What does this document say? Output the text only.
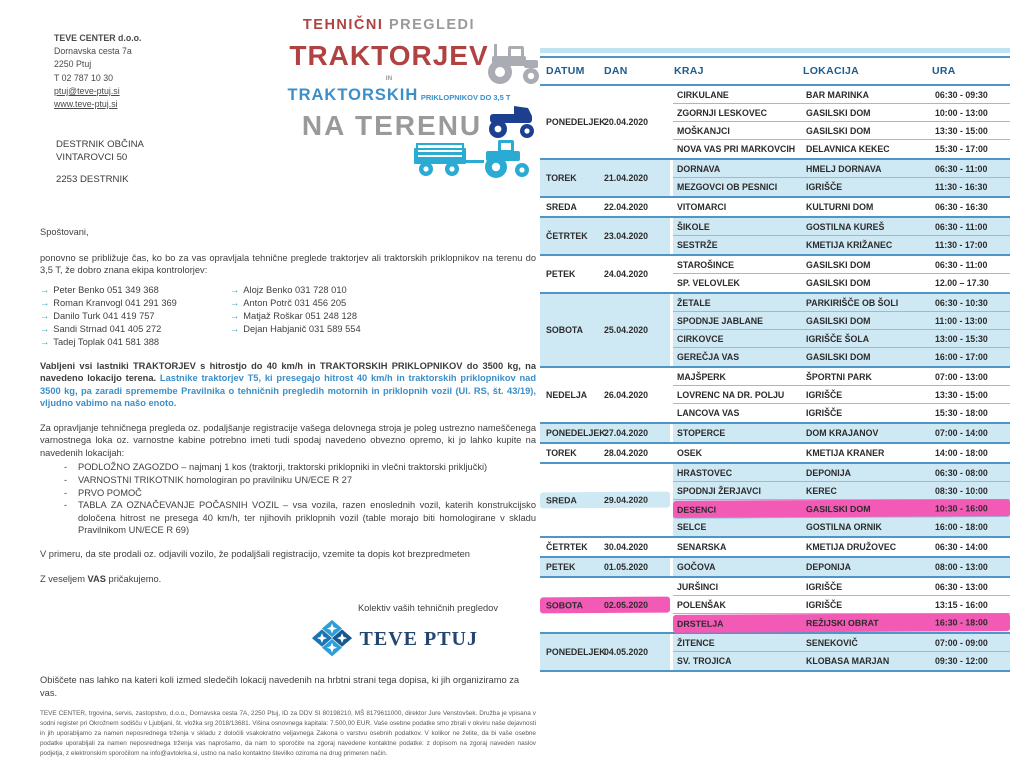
TEVE CENTER d.o.o.
Dornavska cesta 7a
2250 Ptuj
T 02 787 10 30
ptuj@teve-ptuj.si
www.teve-ptuj.si
TEHNIČNI PREGLEDI
TRAKTORJEV
IN
TRAKTORSKIH PRIKLOPNIKOV DO 3,5 T
NA TERENU
DESTRNIK OBČINA
VINTAROVCI 50
2253 DESTRNIK

Spoštovani,

ponovno se približuje čas, ko bo za vas opravljala tehnične preglede traktorjev ali traktorskih priklopnikov na terenu do 3,5 T, že dobro znana ekipa kontrolorjev:

→ Peter Benko 051 349 368
→ Roman Kranvogl 041 291 369
→ Danilo Turk 041 419 757
→ Sandi Strnad 041 405 272
→ Tadej Toplak 041 581 388
→ Alojz Benko 031 728 010
→ Anton Potrč 031 456 205
→ Matjaž Roškar 051 248 128
→ Dejan Habjanič 031 589 554

Vabljeni vsi lastniki TRAKTORJEV s hitrostjo do 40 km/h in TRAKTORSKIH PRIKLOPNIKOV do 3500 kg, na navedeno lokacijo terena. Lastnike traktorjev T5, ki presegajo hitrost 40 km/h in traktorskih priklopnikov nad 3500 kg, pa zaradi spremembe Pravilnika o tehničnih pregledih motornih in priklopnih vozil (Ul. RS, št. 43/19), vljudno vabimo na našo enoto.

Za opravljanje tehničnega pregleda oz. podaljšanje registracije vašega delovnega stroja je poleg ustrezno nameščenega varnostnega loka oz. varnostne kabine potrebno imeti tudi spodaj navedeno obvezno opremo, ki jo lahko kupite na navedenih lokacijah:

- PODLOŽNO ZAGOZDO – najmanj 1 kos (traktorji, traktorski priklopniki in vlečni traktorski priključki)
- VARNOSTNI TRIKOTNIK homologiran po pravilniku UN/ECE R 27
- PRVO POMOČ
- TABLA ZA OZNAČEVANJE POČASNIH VOZIL – vsa vozila, razen enoslednih vozil, katerih konstrukcijsko določena hitrost ne presega 40 km/h, ter njihovih priklopnih vozil (table morajo biti homologirane v skladu Pravilnikom UN/ECE R 69)

V primeru, da ste prodali oz. odjavili vozilo, že podaljšali registracijo, vzemite ta dopis kot brezpredmeten

Z veseljem VAS pričakujemo.

Kolektiv vaših tehničnih pregledov
TEVE PTUJ

Obiščete nas lahko na kateri koli izmed sledečih lokacij navedenih na hrbtni strani tega dopisa, ki jih organiziramo za vas.

TEVE CENTER, trgovina, servis, zastopstvo, d.o.o., Dornavska cesta 7A, 2250 Ptuj, ID za DDV SI 80198210, MŠ 8179611000, direktor Jure Venstovšek. Družba je vpisana v sodni register pri Okrožnem sodišču v Ljubljani, št. vložka srg 2018/13681. Višina osnovnega kapitala: 7.500,00 EUR. Vaše osebne podatke smo zbrali v okviru naše dejavnosti in jih uporabljamo za namen neposrednega trženja v skladu z določili vsakokratno veljavnega Zakona o varstvu osebnih podatkov. V kolikor ne želite, da bi vaše osebne podatke uporabljali za namen neposrednega trženja vas naprošamo, da nam to sporočite na zgoraj navedene kontaktne podatke: z dopisom na zgoraj naveden naslov podjetja, z elektronskim sporočilom na info@avtokrka.si, ustno na našo kontaktno številko oziroma na drug primeren način.

DATUM	DAN	KRAJ	LOKACIJA	URA
PONEDELJEK
20.04.2020
CIRKULANE	BAR MARINKA	06:30 - 09:30
ZGORNJI LESKOVEC	GASILSKI DOM	10:00 - 13:00
MOŠKANJCI	GASILSKI DOM	13:30 - 15:00
NOVA VAS PRI MARKOVCIH	DELAVNICA KEKEC	15:30 - 17:00
TOREK	21.04.2020
DORNAVA	HMELJ DORNAVA	06:30 - 11:00
MEZGOVCI OB PESNICI	IGRIŠČE	11:30 - 16:30
SREDA	22.04.2020	VITOMARCI	KULTURNI DOM	06:30 - 16:30
ČETRTEK	23.04.2020
ŠIKOLE	GOSTILNA KUREŠ	06:30 - 11:00
SESTRŽE	KMETIJA KRIŽANEC	11:30 - 17:00
PETEK	24.04.2020
STAROŠINCE	GASILSKI DOM	06:30 - 11:00
SP. VELOVLEK	GASILSKI DOM	12.00 – 17.30
SOBOTA	25.04.2020
ŽETALE	PARKIRIŠČE OB ŠOLI	06:30 - 10:30
SPODNJE JABLANE	GASILSKI DOM	11:00 - 13:00
CIRKOVCE	IGRIŠČE ŠOLA	13:00 - 15:30
GEREČJA VAS	GASILSKI DOM	16:00 - 17:00
NEDELJA	26.04.2020
MAJŠPERK	ŠPORTNI PARK	07:00 - 13:00
LOVRENC NA DR. POLJU	IGRIŠČE	13:30 - 15:00
LANCOVA VAS	IGRIŠČE	15:30 - 18:00
PONEDELJEK
27.04.2020	STOPERCE	DOM KRAJANOV	07:00 - 14:00
TOREK	28.04.2020	OSEK	KMETIJA KRANER	14:00 - 18:00
SREDA	29.04.2020
HRASTOVEC	DEPONIJA	06:30 - 08:00
SPODNJI ŽERJAVCI	KEREC	08:30 - 10:00
DESENCI	GASILSKI DOM	10:30 - 16:00
SELCE	GOSTILNA ORNIK	16:00 - 18:00
ČETRTEK	30.04.2020	SENARSKA	KMETIJA DRUŽOVEC	06:30 - 14:00
PETEK	01.05.2020	GOČOVA	DEPONIJA	08:00 - 13:00
SOBOTA	02.05.2020
JURŠINCI	IGRIŠČE	06:30 - 13:00
POLENŠAK	IGRIŠČE	13:15 - 16:00
DRSTELJA	REŽIJSKI OBRAT	16:30 - 18:00
PONEDELJEK
04.05.2020
ŽITENCE	SENEKOVIČ	07:00 - 09:00
SV. TROJICA	KLOBASA MARJAN	09:30 - 12:00
